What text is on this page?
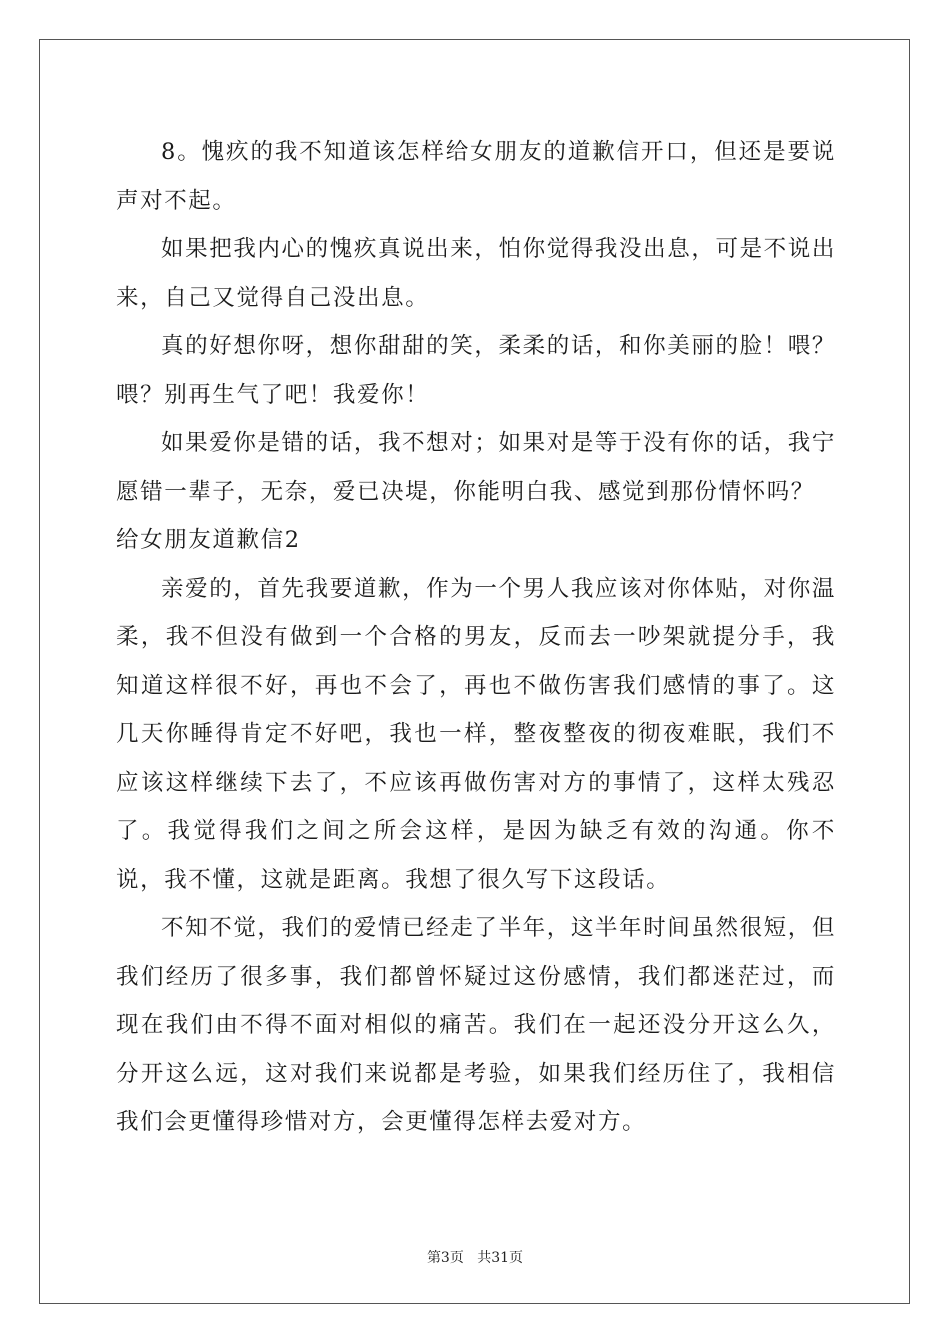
8。愧疚的我不知道该怎样给女朋友的道歉信开口，但还是要说声对不起。

如果把我内心的愧疚真说出来，怕你觉得我没出息，可是不说出来，自己又觉得自己没出息。

真的好想你呀，想你甜甜的笑，柔柔的话，和你美丽的脸！喂？喂？别再生气了吧！我爱你！

如果爱你是错的话，我不想对；如果对是等于没有你的话，我宁愿错一辈子，无奈，爱已决堤，你能明白我、感觉到那份情怀吗？

给女朋友道歉信2

亲爱的，首先我要道歉，作为一个男人我应该对你体贴，对你温柔，我不但没有做到一个合格的男友，反而去一吵架就提分手，我知道这样很不好，再也不会了，再也不做伤害我们感情的事了。这几天你睡得肯定不好吧，我也一样，整夜整夜的彻夜难眠，我们不应该这样继续下去了，不应该再做伤害对方的事情了，这样太残忍了。我觉得我们之间之所会这样，是因为缺乏有效的沟通。你不说，我不懂，这就是距离。我想了很久写下这段话。

不知不觉，我们的爱情已经走了半年，这半年时间虽然很短，但我们经历了很多事，我们都曾怀疑过这份感情，我们都迷茫过，而现在我们由不得不面对相似的痛苦。我们在一起还没分开这么久，分开这么远，这对我们来说都是考验，如果我们经历住了，我相信我们会更懂得珍惜对方，会更懂得怎样去爱对方。

第3页 共31页
